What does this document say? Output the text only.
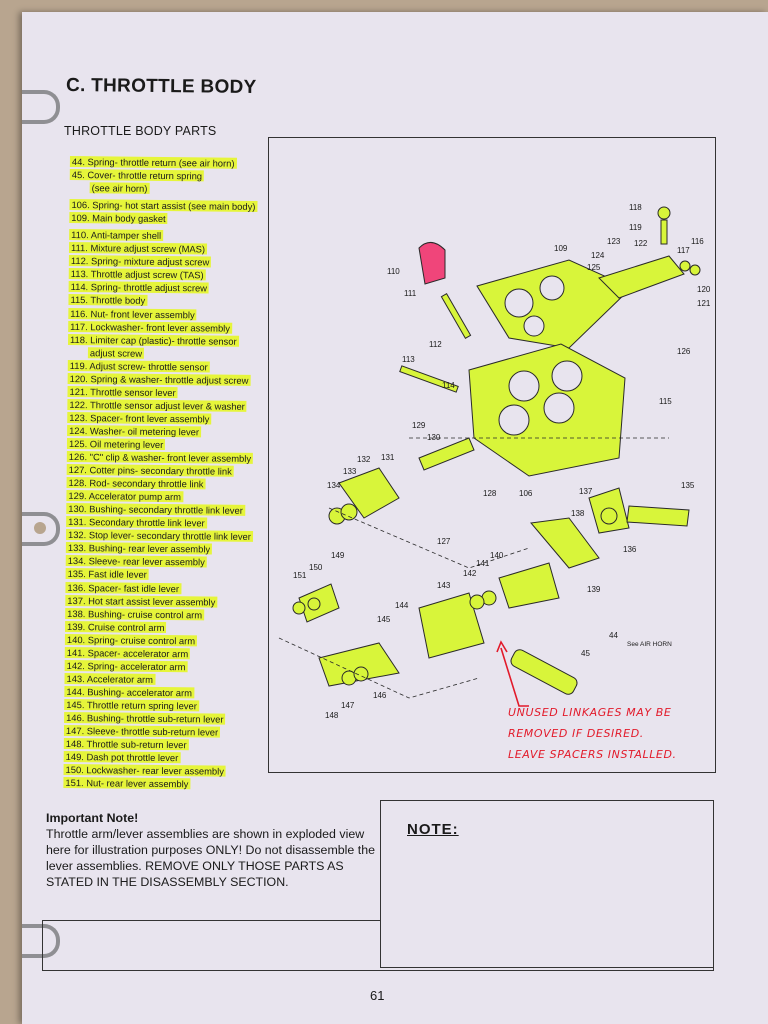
C. THROTTLE BODY
THROTTLE BODY PARTS
44. Spring- throttle return (see air horn)
45. Cover- throttle return spring
(see air horn)
106. Spring- hot start assist (see main body)
109. Main body gasket
110. Anti-tamper shell
111. Mixture adjust screw (MAS)
112. Spring- mixture adjust screw
113. Throttle adjust screw (TAS)
114. Spring- throttle adjust screw
115. Throttle body
116. Nut- front lever assembly
117. Lockwasher- front lever assembly
118. Limiter cap (plastic)- throttle sensor
adjust screw
119. Adjust screw- throttle sensor
120. Spring & washer- throttle adjust screw
121. Throttle sensor lever
122. Throttle sensor adjust lever & washer
123. Spacer- front lever assembly
124. Washer- oil metering lever
125. Oil metering lever
126. "C" clip & washer- front lever assembly
127. Cotter pins- secondary throttle link
128. Rod- secondary throttle link
129. Accelerator pump arm
130. Bushing- secondary throttle link lever
131. Secondary throttle link lever
132. Stop lever- secondary throttle link lever
133. Bushing- rear lever assembly
134. Sleeve- rear lever assembly
135. Fast idle lever
136. Spacer- fast idle lever
137. Hot start assist lever assembly
138. Bushing- cruise control arm
139. Cruise control arm
140. Spring- cruise control arm
141. Spacer- accelerator arm
142. Spring- accelerator arm
143. Accelerator arm
144. Bushing- accelerator arm
145. Throttle return spring lever
146. Bushing- throttle sub-return lever
147. Sleeve- throttle sub-return lever
148. Throttle sub-return lever
149. Dash pot throttle lever
150. Lockwasher- rear lever assembly
151. Nut- rear lever assembly
118
119
123 122
117
116
109
124
125
120
121
110
111
112
126
113
114
115
129
130
132 131
133
134
128	106	137
135
127
138
136
149
150
151
140
141
142
143	139
144
145
44
45
See AIR HORN
146
147
148	UNUSED LINKAGES MAY BE
REMOVED IF DESIRED.
LEAVE SPACERS INSTALLED.
Important Note!
Throttle arm/lever assemblies are shown in exploded view here for illustration purposes ONLY! Do not disassemble the lever assemblies. REMOVE ONLY THOSE PARTS AS STATED IN THE DISASSEMBLY SECTION.
NOTE:
61
